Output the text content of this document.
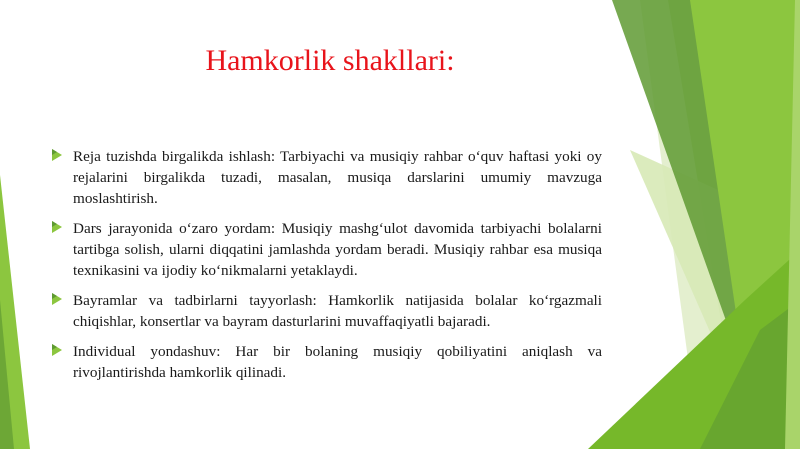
Hamkorlik shakllari:
Reja tuzishda birgalikda ishlash: Tarbiyachi va musiqiy rahbar o‘quv haftasi yoki oy rejalarini birgalikda tuzadi, masalan, musiqa darslarini umumiy mavzuga moslashtirish.
Dars jarayonida o‘zaro yordam: Musiqiy mashg‘ulot davomida tarbiyachi bolalarni tartibga solish, ularni diqqatini jamlashda yordam beradi. Musiqiy rahbar esa musiqa texnikasini va ijodiy ko‘nikmalarni yetaklaydi.
Bayramlar va tadbirlarni tayyorlash: Hamkorlik natijasida bolalar ko‘rgazmali chiqishlar, konsertlar va bayram dasturlarini muvaffaqiyatli bajaradi.
Individual yondashuv: Har bir bolaning musiqiy qobiliyatini aniqlash va rivojlantirishda hamkorlik qilinadi.
